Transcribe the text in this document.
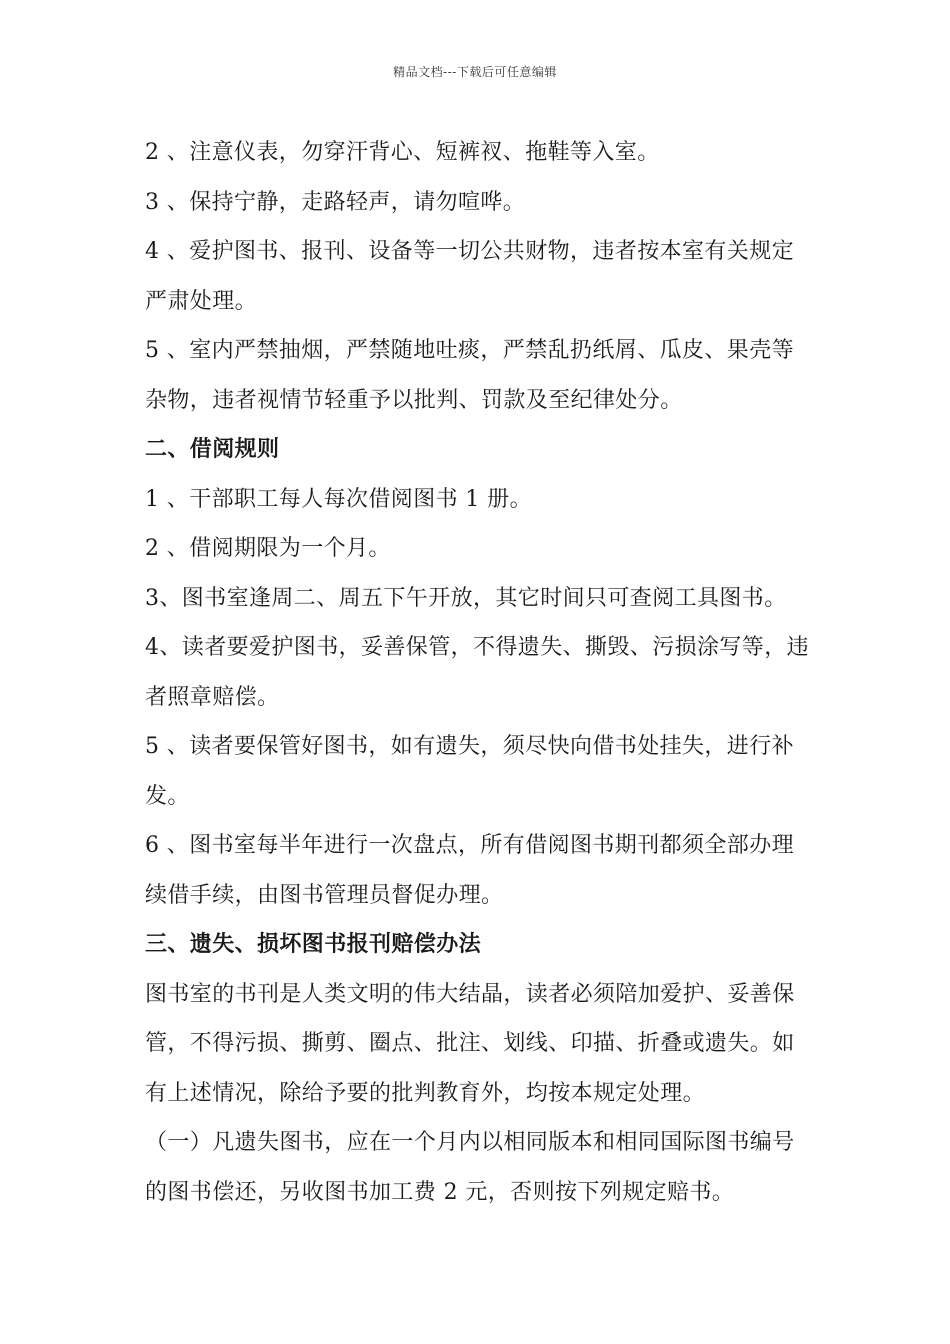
精品文档---下载后可任意编辑
2 、注意仪表，勿穿汗背心、短裤衩、拖鞋等入室。
3 、保持宁静，走路轻声，请勿喧哗。
4 、爱护图书、报刊、设备等一切公共财物，违者按本室有关规定
严肃处理。
5 、室内严禁抽烟，严禁随地吐痰，严禁乱扔纸屑、瓜皮、果壳等
杂物，违者视情节轻重予以批判、罚款及至纪律处分。
二、借阅规则
1 、干部职工每人每次借阅图书 1 册。
2 、借阅期限为一个月。
3、图书室逢周二、周五下午开放，其它时间只可查阅工具图书。
4、读者要爱护图书，妥善保管，不得遗失、撕毁、污损涂写等，违
者照章赔偿。
5 、读者要保管好图书，如有遗失，须尽快向借书处挂失，进行补
发。
6 、图书室每半年进行一次盘点，所有借阅图书期刊都须全部办理
续借手续，由图书管理员督促办理。
三、遗失、损坏图书报刊赔偿办法
图书室的书刊是人类文明的伟大结晶，读者必须陪加爱护、妥善保
管，不得污损、撕剪、圈点、批注、划线、印描、折叠或遗失。如
有上述情况，除给予要的批判教育外，均按本规定处理。
（一）凡遗失图书，应在一个月内以相同版本和相同国际图书编号
的图书偿还，另收图书加工费 2 元，否则按下列规定赔书。
